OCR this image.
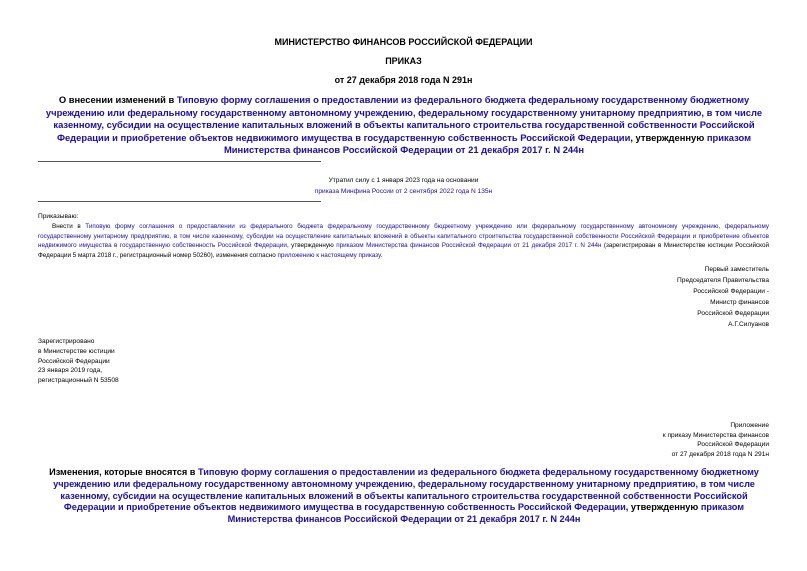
МИНИСТЕРСТВО ФИНАНСОВ РОССИЙСКОЙ ФЕДЕРАЦИИ
ПРИКАЗ
от 27 декабря 2018 года N 291н
О внесении изменений в Типовую форму соглашения о предоставлении из федерального бюджета федеральному государственному бюджетному учреждению или федеральному государственному автономному учреждению, федеральному государственному унитарному предприятию, в том числе казенному, субсидии на осуществление капитальных вложений в объекты капитального строительства государственной собственности Российской Федерации и приобретение объектов недвижимого имущества в государственную собственность Российской Федерации, утвержденную приказом Министерства финансов Российской Федерации от 21 декабря 2017 г. N 244н
Утратил силу с 1 января 2023 года на основании
приказа Минфина России от 2 сентября 2022 года N 135н
Приказываю:
Внести в Типовую форму соглашения о предоставлении из федерального бюджета федеральному государственному бюджетному учреждению или федеральному государственному автономному учреждению, федеральному государственному унитарному предприятию, в том числе казенному, субсидии на осуществление капитальных вложений в объекты капитального строительства государственной собственности Российской Федерации и приобретение объектов недвижимого имущества в государственную собственность Российской Федерации, утвержденную приказом Министерства финансов Российской Федерации от 21 декабря 2017 г. N 244н (зарегистрирован в Министерстве юстиции Российской Федерации 5 марта 2018 г., регистрационный номер 50260), изменения согласно приложению к настоящему приказу.
Первый заместитель
Председателя Правительства
Российской Федерации -
Министр финансов
Российской Федерации
А.Г.Силуанов
Зарегистрировано
в Министерстве юстиции
Российской Федерации
23 января 2019 года,
регистрационный N 53508
Приложение
к приказу Министерства финансов
Российской Федерации
от 27 декабря 2018 года N 291н
Изменения, которые вносятся в Типовую форму соглашения о предоставлении из федерального бюджета федеральному государственному бюджетному учреждению или федеральному государственному автономному учреждению, федеральному государственному унитарному предприятию, в том числе казенному, субсидии на осуществление капитальных вложений в объекты капитального строительства государственной собственности Российской Федерации и приобретение объектов недвижимого имущества в государственную собственность Российской Федерации, утвержденную приказом Министерства финансов Российской Федерации от 21 декабря 2017 г. N 244н
